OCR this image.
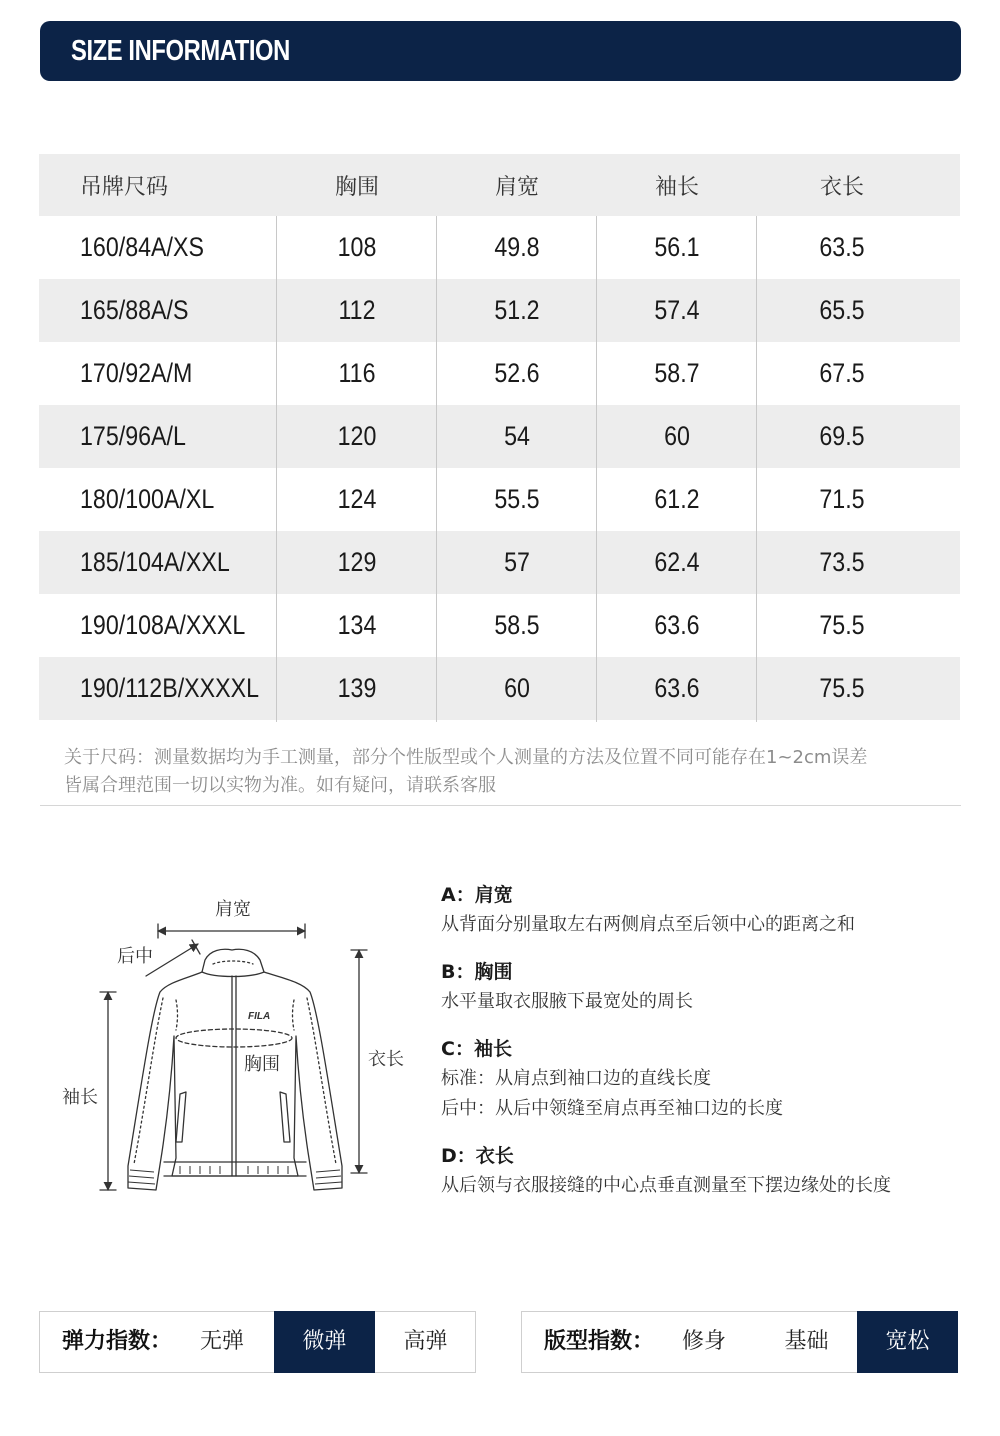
SIZE INFORMATION
吊牌尺码	胸围	肩宽	袖长	衣长
160/84A/XS	108	49.8	56.1	63.5
165/88A/S	112	51.2	57.4	65.5
170/92A/M	116	52.6	58.7	67.5
175/96A/L	120	54	60	69.5
180/100A/XL	124	55.5	61.2	71.5
185/104A/XXL	129	57	62.4	73.5
190/108A/XXXL	134	58.5	63.6	75.5
190/112B/XXXXL	139	60	63.6	75.5
关于尺码：测量数据均为手工测量，部分个性版型或个人测量的方法及位置不同可能存在1~2cm误差
皆属合理范围一切以实物为准。如有疑问，请联系客服
肩宽
后中
胸围
袖长
衣长
FILA
A：肩宽
从背面分别量取左右两侧肩点至后领中心的距离之和
B：胸围
水平量取衣服腋下最宽处的周长
C：袖长
标准：从肩点到袖口边的直线长度
后中：从后中领缝至肩点再至袖口边的长度
D：衣长
从后领与衣服接缝的中心点垂直测量至下摆边缘处的长度
弹力指数：	无弹	微弹	高弹	版型指数：	修身	基础	宽松
